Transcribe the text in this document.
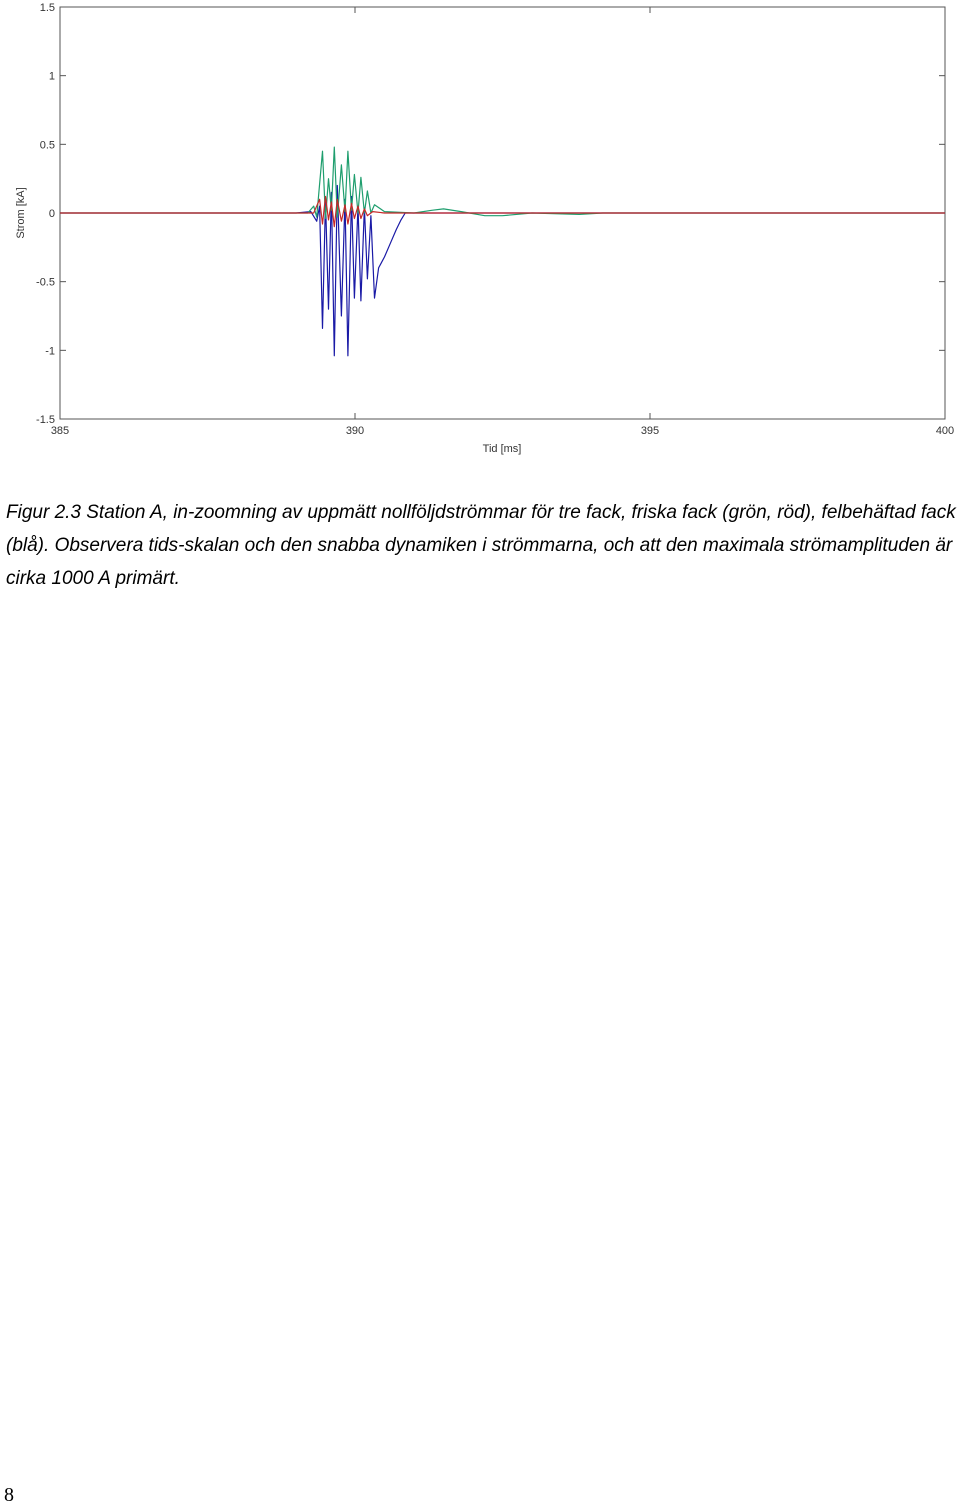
1.5
1
0.5
0
-0.5
-1
-1.5
385	390	395	400
Tid [ms]
Strom [kA]

Figur 2.3 Station A, in-zoomning av uppmätt nollföljdströmmar för tre fack, friska fack (grön, röd), felbehäftad fack (blå). Observera tids-skalan och den snabba dynamiken i strömmarna, och att den maximala strömamplituden är cirka 1000 A primärt.

8
